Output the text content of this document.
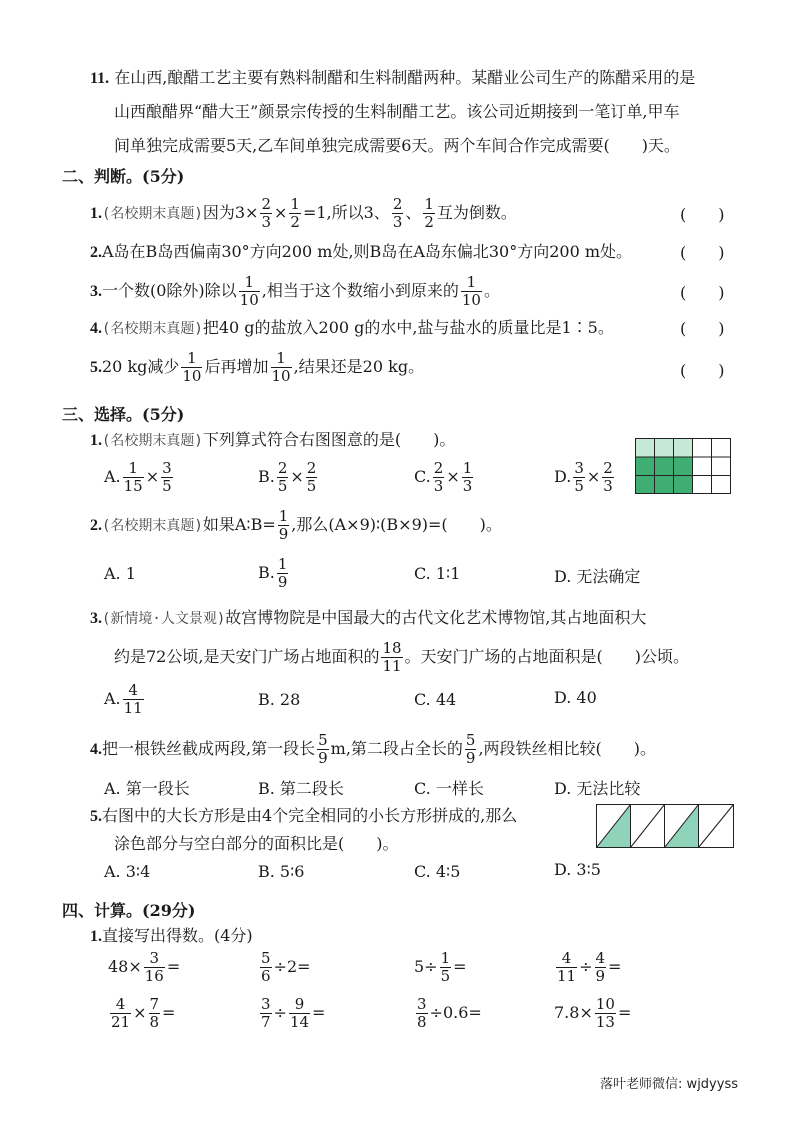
11. 在山西,酿醋工艺主要有熟料制醋和生料制醋两种。某醋业公司生产的陈醋采用的是
山西酿醋界“醋大王”颜景宗传授的生料制醋工艺。该公司近期接到一笔订单,甲车
间单独完成需要5天,乙车间单独完成需要6天。两个车间合作完成需要(　　)天。
二、判断。(5分)
1.(名校期末真题)因为$3\times \frac{2}{3} \times \frac{1}{2} =1$,所以3、 $\frac{2}{3}$ 、 $\frac{1}{2}$ 互为倒数。	(　　)
2.A岛在B岛西偏南30°方向200 m处,则B岛在A岛东偏北30°方向200 m处。	(　　)
3.一个数(0除外)除以 $\frac{1}{10}$ ,相当于这个数缩小到原来的 $\frac{1}{10}$ 。	(　　)
4.(名校期末真题)把40 g的盐放入200 g的水中,盐与盐水的质量比是1∶5。	(　　)
5.20 kg减少 $\frac{1}{10}$ 后再增加 $\frac{1}{10}$ ,结果还是20 kg。	(　　)
三、选择。(5分)
1.(名校期末真题)下列算式符合右图图意的是(　　)。
A. $\frac{1}{15} \times \frac{3}{5}$	B. $\frac{2}{5} \times \frac{2}{5}$	C. $\frac{2}{3} \times \frac{1}{3}$	D. $\frac{3}{5} \times \frac{2}{3}$
2.(名校期末真题)如果A∶B= $\frac{1}{9}$ ,那么(A×9)∶(B×9)=(　　)。
A. 1	B. $\frac{1}{9}$	C. 1∶1	D. 无法确定
3.(新情境·人文景观)故宫博物院是中国最大的古代文化艺术博物馆,其占地面积大
约是72公顷,是天安门广场占地面积的 $\frac{18}{11}$ 。天安门广场的占地面积是(　　)公顷。
A. $\frac{4}{11}$	B. 28	C. 44	D. 40
4.把一根铁丝截成两段,第一段长 $\frac{5}{9} m$,第二段占全长的 $\frac{5}{9}$ ,两段铁丝相比较(　　)。
A. 第一段长	B. 第二段长	C. 一样长	D. 无法比较
5.右图中的大长方形是由4个完全相同的小长方形拼成的,那么
涂色部分与空白部分的面积比是(　　)。
A. 3∶4	B. 5∶6	C. 4∶5	D. 3∶5
四、计算。(29分)
1.直接写出得数。(4分)
$48\times \frac{3}{16}$ =	$\frac{5}{6} \div 2=$	$5\div \frac{1}{5}$ =	$\frac{4}{11} \div \frac{4}{9}$ =
$\frac{4}{21} \times \frac{7}{8}$ =	$\frac{3}{7} \div \frac{9}{14}$ =	$\frac{3}{8} \div 0.6=$	$7.8\times \frac{10}{13}$ =
落叶老师微信: wjdyyss
